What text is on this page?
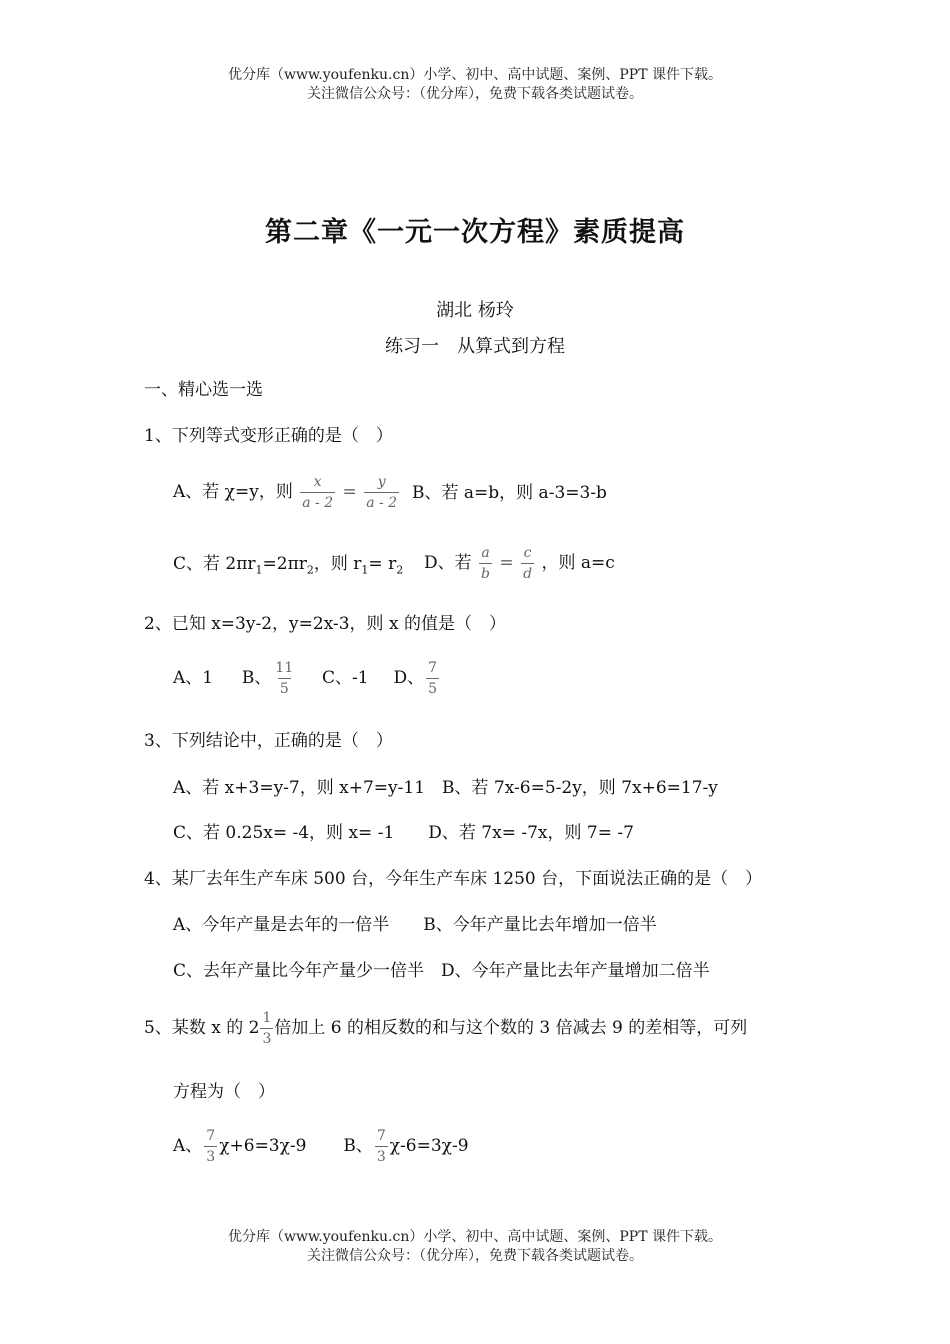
优分库（www.youfenku.cn）小学、初中、高中试题、案例、PPT 课件下载。
关注微信公众号：（优分库），免费下载各类试题试卷。
第二章《一元一次方程》素质提高
湖北 杨玲
练习一　从算式到方程
一、精心选一选
1、下列等式变形正确的是（　）
A、若 χ=y，则 $\frac{x}{a - 2} = \frac{y}{a - 2}$ B、若 a=b，则 a-3=3-b
C、若 $2\pi r_1=2\pi r_2$，则 $r_1= r_2$ D、若 $\frac{a}{b} = \frac{c}{d}$ ，则 a=c
2、已知 x=3y-2，y=2x-3，则 x 的值是（　）
A、1 B、 $\frac{11}{5}$ C、-1 D、 $\frac{7}{5}$
3、下列结论中，正确的是（　）
A、若 x+3=y-7，则 x+7=y-11　B、若 7x-6=5-2y，则 7x+6=17-y
C、若 0.25x= -4，则 x= -1　　D、若 7x= -7x，则 7= -7
4、某厂去年生产车床 500 台，今年生产车床 1250 台，下面说法正确的是（　）
A、今年产量是去年的一倍半　　B、今年产量比去年增加一倍半
C、去年产量比今年产量少一倍半　D、今年产量比去年产量增加二倍半
5、某数 x 的 $2 \frac{1}{3}$ 倍加上 6 的相反数的和与这个数的 3 倍减去 9 的差相等，可列
方程为（　）
A、 $\frac{7}{3} \chi+6=3\chi-9$ B、 $\frac{7}{3} \chi-6=3\chi-9$
优分库（www.youfenku.cn）小学、初中、高中试题、案例、PPT 课件下载。
关注微信公众号：（优分库），免费下载各类试题试卷。
